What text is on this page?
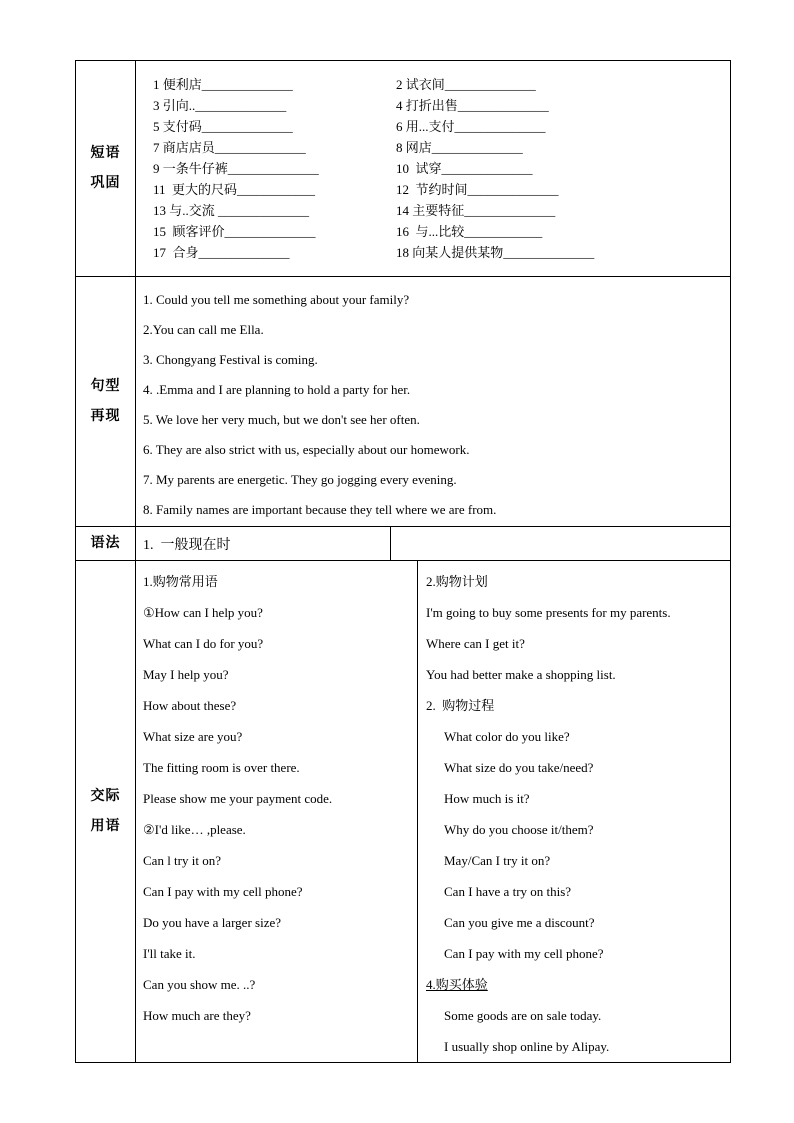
短语
巩固
1 便利店______________
3 引向..______________
5 支付码______________
7 商店店员______________
9 一条牛仔裤______________
11  更大的尺码____________
13 与..交流 ______________
15  顾客评价______________
17  合身______________
2 试衣间______________
4 打折出售______________
6 用...支付______________
8 网店______________
10  试穿______________
12  节约时间______________
14 主要特征______________
16  与...比较____________
18 向某人提供某物______________
句型
再现
1. Could you tell me something about your family?
2.You can call me Ella.
3. Chongyang Festival is coming.
4. .Emma and I are planning to hold a party for her.
5. We love her very much, but we don't see her often.
6. They are also strict with us, especially about our homework.
7. My parents are energetic. They go jogging every evening.
8. Family names are important because they tell where we are from.
语法	1.  一般现在时
交际
用语
1.购物常用语
①How can I help you?
What can I do for you?
May I help you?
How about these?
What size are you?
The fitting room is over there.
Please show me your payment code.
②I'd like… ,please.
Can l try it on?
Can I pay with my cell phone?
Do you have a larger size?
I'll take it.
Can you show me. ..?
How much are they?
2.购物计划
I'm going to buy some presents for my parents.
Where can I get it?
You had better make a shopping list.
2.  购物过程
What color do you like?
What size do you take/need?
How much is it?
Why do you choose it/them?
May/Can I try it on?
Can I have a try on this?
Can you give me a discount?
Can I pay with my cell phone?
4.购买体验
Some goods are on sale today.
I usually shop online by Alipay.
